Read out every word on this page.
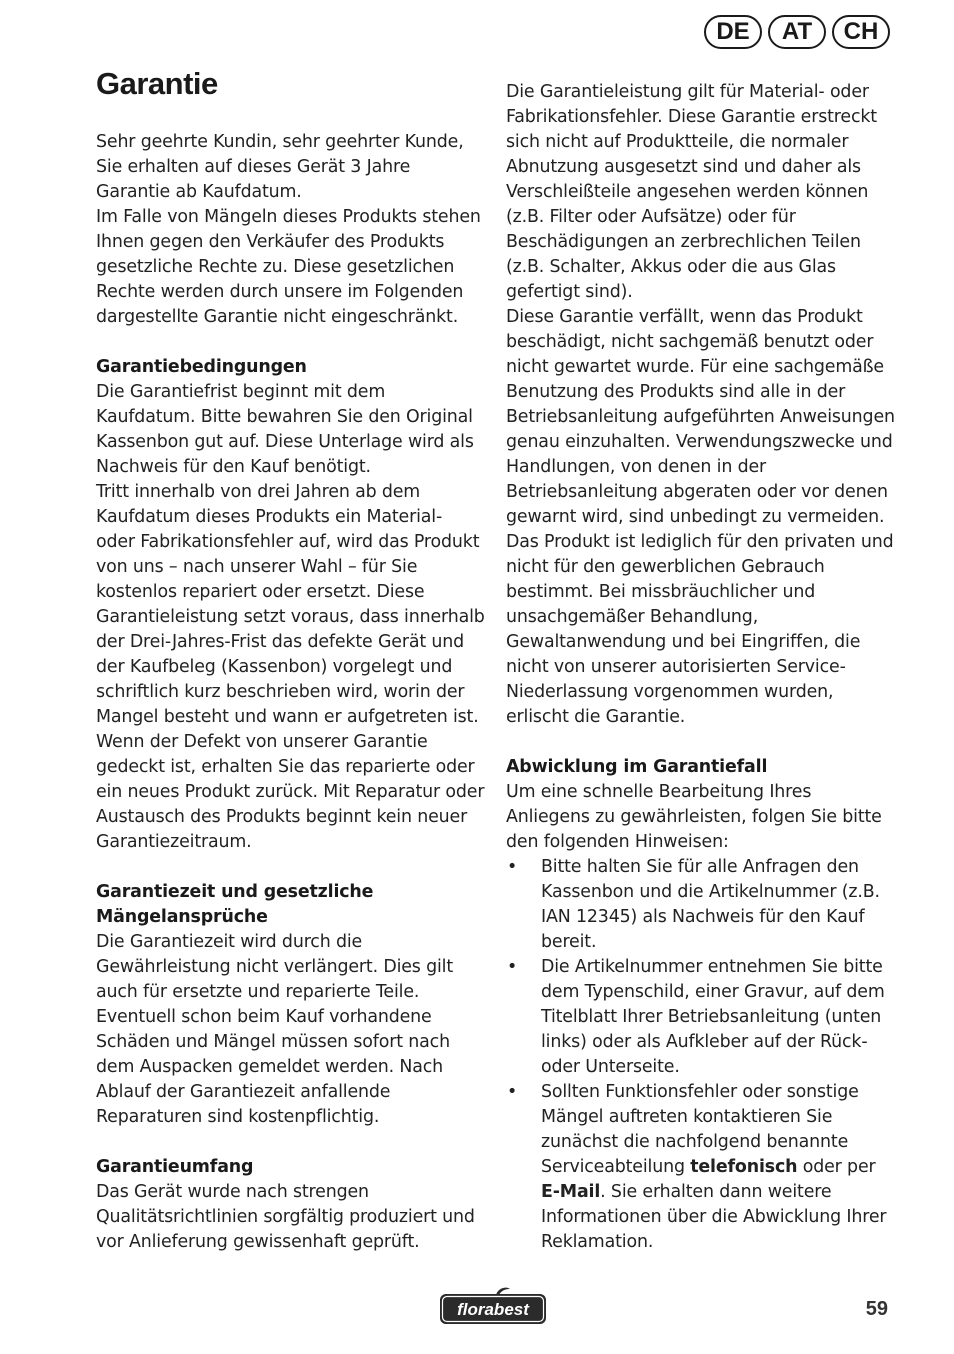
DE	AT	CH
Garantie

Sehr geehrte Kundin, sehr geehrter Kunde, Sie erhalten auf dieses Gerät 3 Jahre Garantie ab Kaufdatum.

Im Falle von Mängeln dieses Produkts stehen Ihnen gegen den Verkäufer des Produkts gesetzliche Rechte zu. Diese gesetzlichen Rechte werden durch unsere im Folgenden dargestellte Garantie nicht eingeschränkt.

Garantiebedingungen

Die Garantiefrist beginnt mit dem Kaufdatum. Bitte bewahren Sie den Original Kassenbon gut auf. Diese Unterlage wird als Nachweis für den Kauf benötigt.

Tritt innerhalb von drei Jahren ab dem Kaufdatum dieses Produkts ein Material- oder Fabrikationsfehler auf, wird das Produkt von uns – nach unserer Wahl – für Sie kostenlos repariert oder ersetzt. Diese Garantieleistung setzt voraus, dass innerhalb der Drei-Jahres-Frist das defekte Gerät und der Kaufbeleg (Kassenbon) vorgelegt und schriftlich kurz beschrieben wird, worin der Mangel besteht und wann er aufgetreten ist.

Wenn der Defekt von unserer Garantie gedeckt ist, erhalten Sie das reparierte oder ein neues Produkt zurück. Mit Reparatur oder Austausch des Produkts beginnt kein neuer Garantiezeitraum.

Garantiezeit und gesetzliche Mängelansprüche

Die Garantiezeit wird durch die Gewährleistung nicht verlängert. Dies gilt auch für ersetzte und reparierte Teile. Eventuell schon beim Kauf vorhandene Schäden und Mängel müssen sofort nach dem Auspacken gemeldet werden. Nach Ablauf der Garantiezeit anfallende Reparaturen sind kostenpflichtig.

Garantieumfang

Das Gerät wurde nach strengen Qualitätsrichtlinien sorgfältig produziert und vor Anlieferung gewissenhaft geprüft.

Die Garantieleistung gilt für Material- oder Fabrikationsfehler. Diese Garantie erstreckt sich nicht auf Produktteile, die normaler Abnutzung ausgesetzt sind und daher als Verschleißteile angesehen werden können (z.B. Filter oder Aufsätze) oder für Beschädigungen an zerbrechlichen Teilen (z.B. Schalter, Akkus oder die aus Glas gefertigt sind).

Diese Garantie verfällt, wenn das Produkt beschädigt, nicht sachgemäß benutzt oder nicht gewartet wurde. Für eine sachgemäße Benutzung des Produkts sind alle in der Betriebsanleitung aufgeführten Anweisungen genau einzuhalten. Verwendungszwecke und Handlungen, von denen in der Betriebsanleitung abgeraten oder vor denen gewarnt wird, sind unbedingt zu vermeiden. Das Produkt ist lediglich für den privaten und nicht für den gewerblichen Gebrauch bestimmt. Bei missbräuchlicher und unsachgemäßer Behandlung, Gewaltanwendung und bei Eingriffen, die nicht von unserer autorisierten Service-Niederlassung vorgenommen wurden, erlischt die Garantie.

Abwicklung im Garantiefall

Um eine schnelle Bearbeitung Ihres Anliegens zu gewährleisten, folgen Sie bitte den folgenden Hinweisen:

• Bitte halten Sie für alle Anfragen den Kassenbon und die Artikelnummer (z.B. IAN 12345) als Nachweis für den Kauf bereit.
• Die Artikelnummer entnehmen Sie bitte dem Typenschild, einer Gravur, auf dem Titelblatt Ihrer Betriebsanleitung (unten links) oder als Aufkleber auf der Rück- oder Unterseite.
• Sollten Funktionsfehler oder sonstige Mängel auftreten kontaktieren Sie zunächst die nachfolgend benannte Serviceabteilung telefonisch oder per E-Mail. Sie erhalten dann weitere Informationen über die Abwicklung Ihrer Reklamation.
florabest	59
